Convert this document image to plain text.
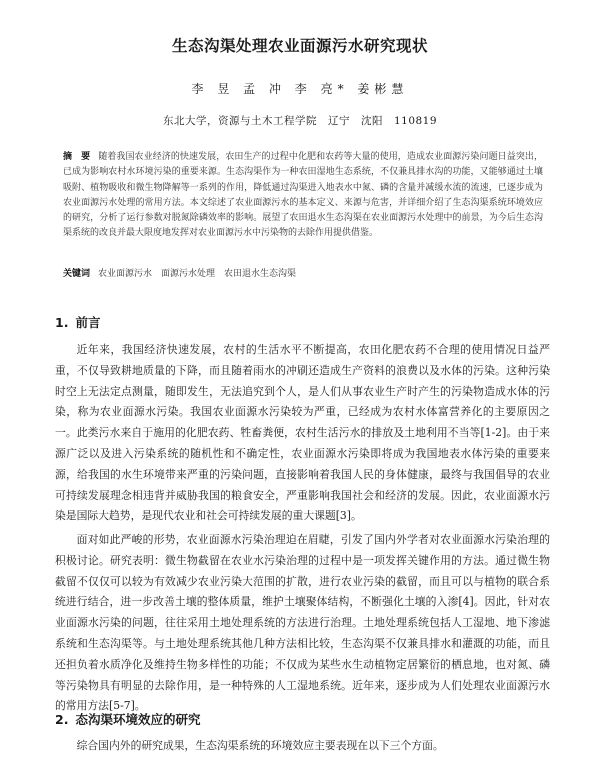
生态沟渠处理农业面源污水研究现状
李 昱 孟 冲 李 亮* 姜彬慧
东北大学，资源与土木工程学院　辽宁　沈阳　110819
摘　要 随着我国农业经济的快速发展，农田生产的过程中化肥和农药等大量的使用，造成农业面源污染问题日益突出，已成为影响农村水环境污染的重要来源。生态沟渠作为一种农田湿地生态系统，不仅兼具排水沟的功能，又能够通过土壤吸附、植物吸收和微生物降解等一系列的作用，降低通过沟渠进入地表水中氮、磷的含量并减缓水流的流速，已逐步成为农业面源污水处理的常用方法。本文综述了农业面源污水的基本定义、来源与危害，并详细介绍了生态沟渠系统环境效应的研究，分析了运行参数对脱氮除磷效率的影响。展望了农田退水生态沟渠在农业面源污水处理中的前景，为今后生态沟渠系统的改良并最大限度地发挥对农业面源污水中污染物的去除作用提供借鉴。
关键词 农业面源污水　面源污水处理　农田退水生态沟渠
1. 前言
近年来，我国经济快速发展，农村的生活水平不断提高，农田化肥农药不合理的使用情况日益严重，不仅导致耕地质量的下降，而且随着雨水的冲刷还造成生产资料的浪费以及水体的污染。这种污染时空上无法定点测量，随即发生，无法追究到个人，是人们从事农业生产时产生的污染物造成水体的污染，称为农业面源水污染。我国农业面源水污染较为严重，已经成为农村水体富营养化的主要原因之一。此类污水来自于施用的化肥农药、牲畜粪便，农村生活污水的排放及土地利用不当等[1-2]。由于来源广泛以及进入污染系统的随机性和不确定性，农业面源水污染即将成为我国地表水体污染的重要来源，给我国的水生环境带来严重的污染问题，直接影响着我国人民的身体健康，最终与我国倡导的农业可持续发展理念相违背并威胁我国的粮食安全，严重影响我国社会和经济的发展。因此，农业面源水污染是国际大趋势，是现代农业和社会可持续发展的重大课题[3]。
面对如此严峻的形势，农业面源水污染治理迫在眉睫，引发了国内外学者对农业面源水污染治理的积极讨论。研究表明：微生物截留在农业水污染治理的过程中是一项发挥关键作用的方法。通过微生物截留不仅仅可以较为有效减少农业污染大范围的扩散，进行农业污染的截留，而且可以与植物的联合系统进行结合，进一步改善土壤的整体质量，维护土壤聚体结构，不断强化土壤的入渗[4]。因此，针对农业面源水污染的问题，往往采用土地处理系统的方法进行治理。土地处理系统包括人工湿地、地下渗滤系统和生态沟渠等。与土地处理系统其他几种方法相比较，生态沟渠不仅兼具排水和灌溉的功能，而且还担负着水质净化及维持生物多样性的功能；不仅成为某些水生动植物定居繁衍的栖息地，也对氮、磷等污染物具有明显的去除作用，是一种特殊的人工湿地系统。近年来，逐步成为人们处理农业面源污水的常用方法[5-7]。
2. 态沟渠环境效应的研究
综合国内外的研究成果，生态沟渠系统的环境效应主要表现在以下三个方面。
